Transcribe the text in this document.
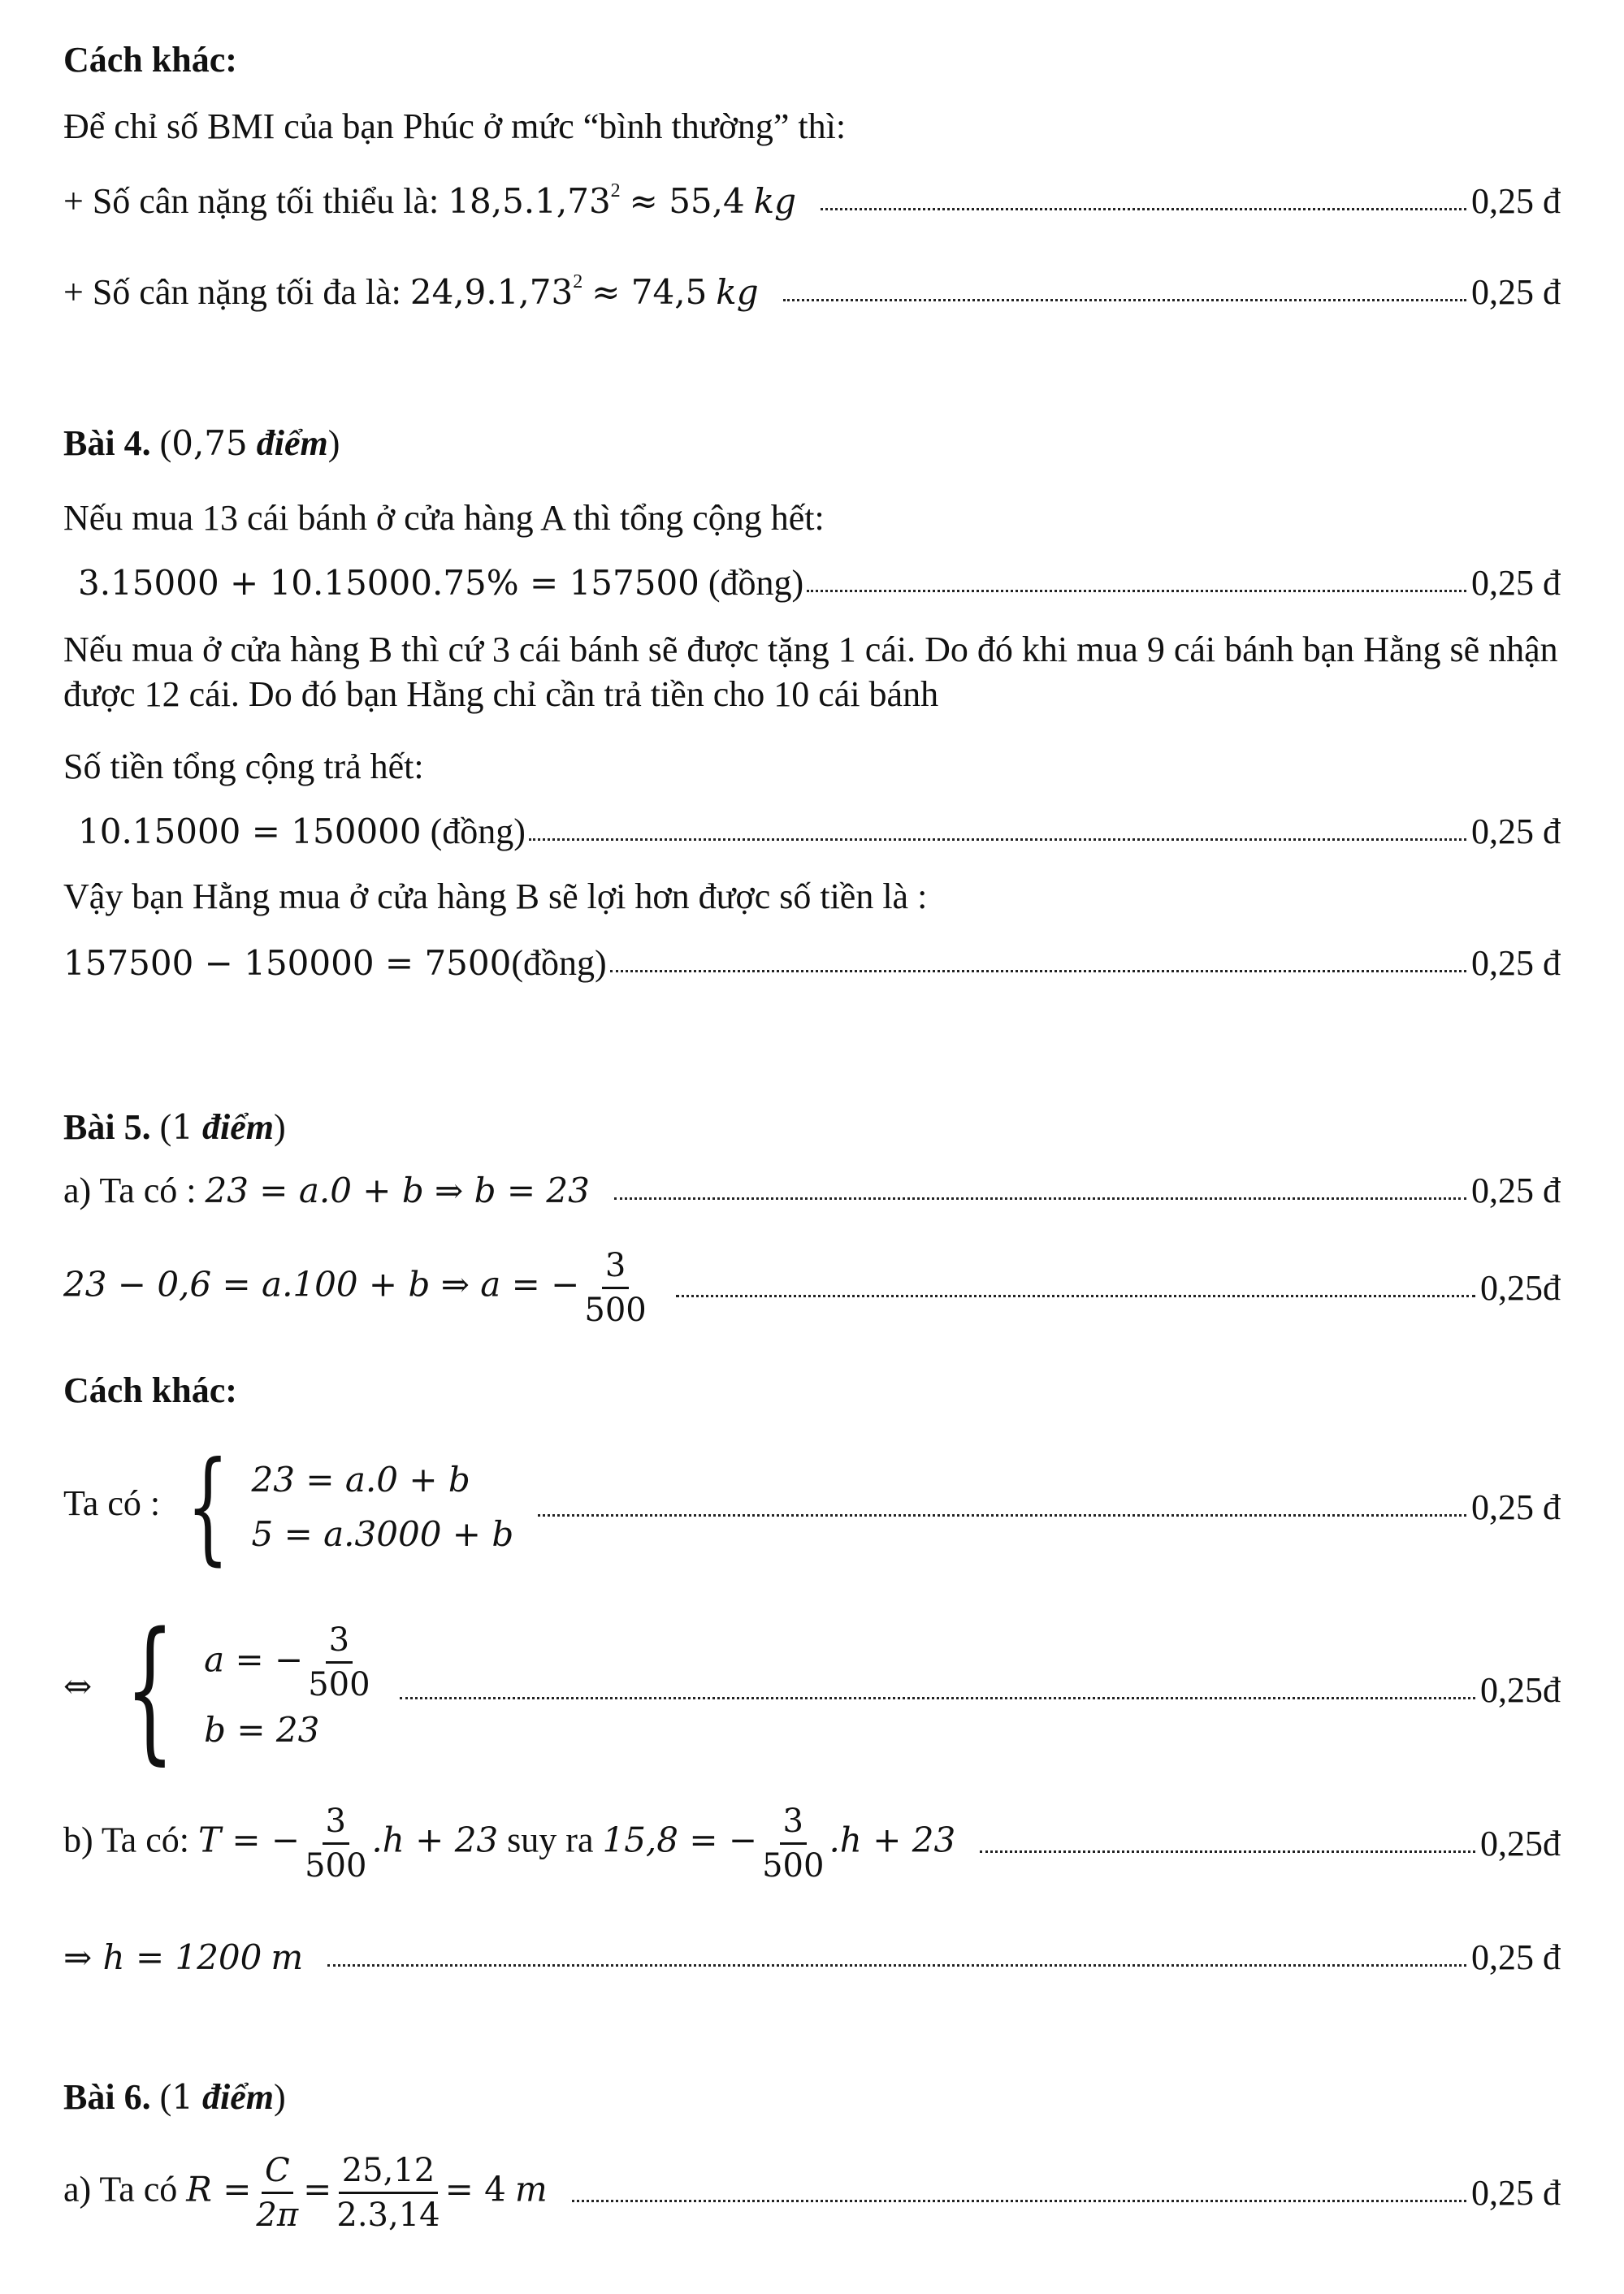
Cách khác:
Để chỉ số BMI của bạn Phúc ở mức “bình thường” thì:
+ Số cân nặng tối thiểu là: $18,5.1,73^2 \approx 55,4$ kg	0,25 đ
+ Số cân nặng tối đa là: $24,9.1,73^2 \approx 74,5$ kg	0,25 đ
Bài 4. (0,75 điểm)
Nếu mua 13 cái bánh ở cửa hàng A thì tổng cộng hết:
3.15000 + 10.15000.75% = 157500 (đồng)	0,25 đ
Nếu mua ở cửa hàng B thì cứ 3 cái bánh sẽ được tặng 1 cái. Do đó khi mua 9 cái bánh bạn Hằng sẽ nhận được 12 cái. Do đó bạn Hằng chỉ cần trả tiền cho 10 cái bánh
Số tiền tổng cộng trả hết:
10.15000 = 150000 (đồng)	0,25 đ
Vậy bạn Hằng mua ở cửa hàng B sẽ lợi hơn được số tiền là :
157500 − 150000 = 7500(đồng)	0,25 đ
Bài 5. (1 điểm)
a) Ta có : 23 = a.0 + b ⇒ b = 23	0,25 đ
23 − 0,6 = a.100 + b ⇒ a = − $\frac{3}{500}$	0,25đ
Cách khác:
Ta có : { 23 = a.0 + b
5 = a.3000 + b
0,25 đ
⇔ { a = − $\frac{3}{500}$
b = 23
0,25đ
b) Ta có: T = − $\frac{3}{500} .h + 23$ suy ra 15,8 = − $\frac{3}{500} .h + 23$	0,25đ
⇒ h = 1200 m	0,25 đ
Bài 6. (1 điểm)
a) Ta có $R = \frac{C}{2\pi} = \frac{25,12}{2.3,14} = 4$ m	0,25 đ
